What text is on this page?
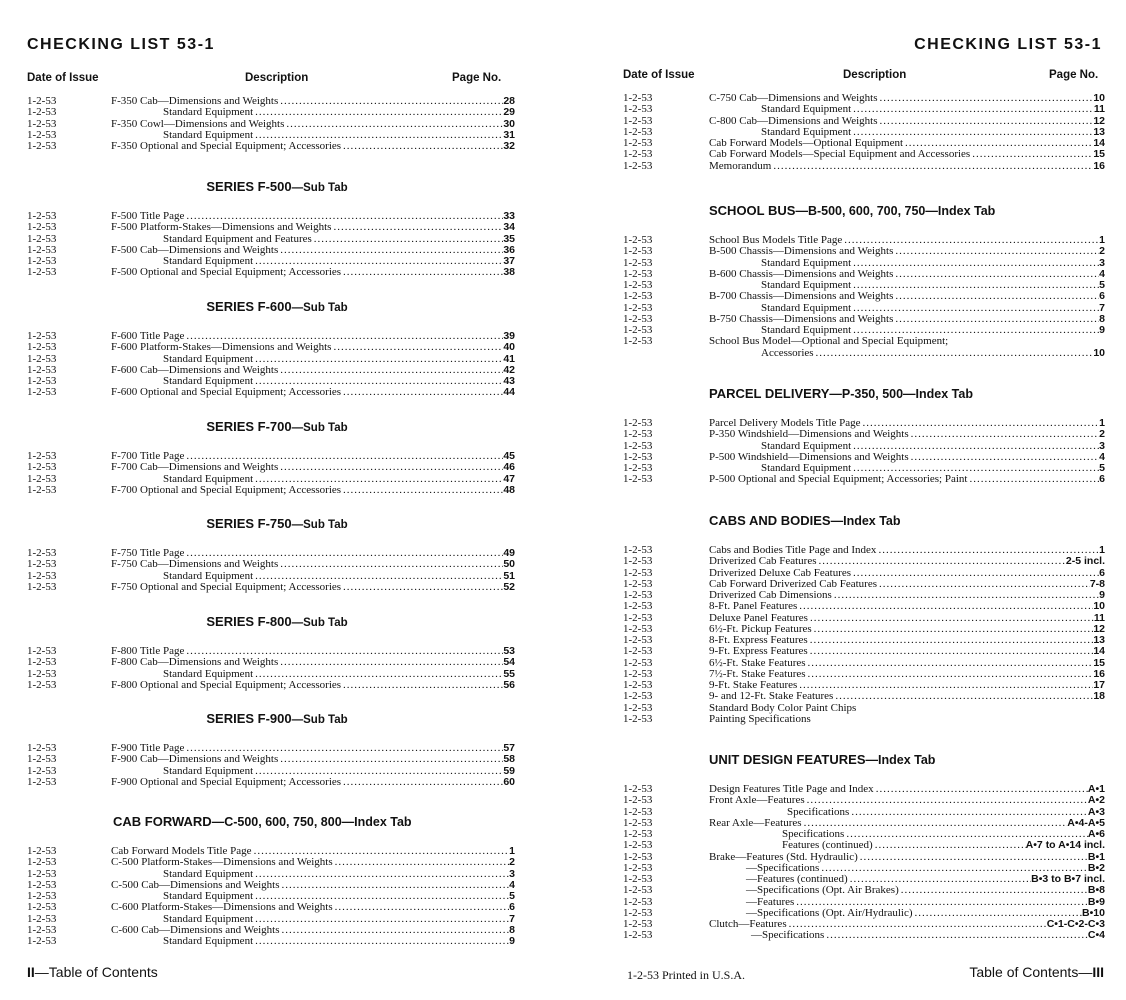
CHECKING LIST 53-1
Date of Issue	Description	Page No.
1-2-53	F-350 Cab—Dimensions and Weights .....	28
1-2-53	Standard Equipment .....	29
1-2-53	F-350 Cowl—Dimensions and Weights .....	30
1-2-53	Standard Equipment .....	31
1-2-53	F-350 Optional and Special Equipment; Accessories .....	32
SERIES F-500—Sub Tab
1-2-53	F-500 Title Page .....	33
1-2-53	F-500 Platform-Stakes—Dimensions and Weights .....	34
1-2-53	Standard Equipment and Features .....	35
1-2-53	F-500 Cab—Dimensions and Weights .....	36
1-2-53	Standard Equipment .....	37
1-2-53	F-500 Optional and Special Equipment; Accessories .....	38
SERIES F-600—Sub Tab
1-2-53	F-600 Title Page .....	39
1-2-53	F-600 Platform-Stakes—Dimensions and Weights .....	40
1-2-53	Standard Equipment .....	41
1-2-53	F-600 Cab—Dimensions and Weights .....	42
1-2-53	Standard Equipment .....	43
1-2-53	F-600 Optional and Special Equipment; Accessories .....	44
SERIES F-700—Sub Tab
1-2-53	F-700 Title Page .....	45
1-2-53	F-700 Cab—Dimensions and Weights .....	46
1-2-53	Standard Equipment .....	47
1-2-53	F-700 Optional and Special Equipment; Accessories .....	48
SERIES F-750—Sub Tab
1-2-53	F-750 Title Page .....	49
1-2-53	F-750 Cab—Dimensions and Weights .....	50
1-2-53	Standard Equipment .....	51
1-2-53	F-750 Optional and Special Equipment; Accessories .....	52
SERIES F-800—Sub Tab
1-2-53	F-800 Title Page .....	53
1-2-53	F-800 Cab—Dimensions and Weights .....	54
1-2-53	Standard Equipment .....	55
1-2-53	F-800 Optional and Special Equipment; Accessories .....	56
SERIES F-900—Sub Tab
1-2-53	F-900 Title Page .....	57
1-2-53	F-900 Cab—Dimensions and Weights .....	58
1-2-53	Standard Equipment .....	59
1-2-53	F-900 Optional and Special Equipment; Accessories .....	60
CAB FORWARD—C-500, 600, 750, 800—Index Tab
1-2-53	Cab Forward Models Title Page .....	1
1-2-53	C-500 Platform-Stakes—Dimensions and Weights .....	2
1-2-53	Standard Equipment .....	3
1-2-53	C-500 Cab—Dimensions and Weights .....	4
1-2-53	Standard Equipment .....	5
1-2-53	C-600 Platform-Stakes—Dimensions and Weights .....	6
1-2-53	Standard Equipment .....	7
1-2-53	C-600 Cab—Dimensions and Weights .....	8
1-2-53	Standard Equipment .....	9
II—Table of Contents
CHECKING LIST 53-1
Date of Issue	Description	Page No.
1-2-53	C-750 Cab—Dimensions and Weights .....	10
1-2-53	Standard Equipment .....	11
1-2-53	C-800 Cab—Dimensions and Weights .....	12
1-2-53	Standard Equipment .....	13
1-2-53	Cab Forward Models—Optional Equipment .....	14
1-2-53	Cab Forward Models—Special Equipment and Accessories .....	15
1-2-53	Memorandum .....	16
SCHOOL BUS—B-500, 600, 700, 750—Index Tab
1-2-53	School Bus Models Title Page .....	1
1-2-53	B-500 Chassis—Dimensions and Weights .....	2
1-2-53	Standard Equipment .....	3
1-2-53	B-600 Chassis—Dimensions and Weights .....	4
1-2-53	Standard Equipment .....	5
1-2-53	B-700 Chassis—Dimensions and Weights .....	6
1-2-53	Standard Equipment .....	7
1-2-53	B-750 Chassis—Dimensions and Weights .....	8
1-2-53	Standard Equipment .....	9
1-2-53	School Bus Model—Optional and Special Equipment;
Accessories .....	10
PARCEL DELIVERY—P-350, 500—Index Tab
1-2-53	Parcel Delivery Models Title Page .....	1
1-2-53	P-350 Windshield—Dimensions and Weights .....	2
1-2-53	Standard Equipment .....	3
1-2-53	P-500 Windshield—Dimensions and Weights .....	4
1-2-53	Standard Equipment .....	5
1-2-53	P-500 Optional and Special Equipment; Accessories; Paint .....	6
CABS AND BODIES—Index Tab
1-2-53	Cabs and Bodies Title Page and Index .....	1
1-2-53	Driverized Cab Features .....	2-5 incl.
1-2-53	Driverized Deluxe Cab Features .....	6
1-2-53	Cab Forward Driverized Cab Features .....	7-8
1-2-53	Driverized Cab Dimensions .....	9
1-2-53	8-Ft. Panel Features .....	10
1-2-53	Deluxe Panel Features .....	11
1-2-53	6½-Ft. Pickup Features .....	12
1-2-53	8-Ft. Express Features .....	13
1-2-53	9-Ft. Express Features .....	14
1-2-53	6½-Ft. Stake Features .....	15
1-2-53	7½-Ft. Stake Features .....	16
1-2-53	9-Ft. Stake Features .....	17
1-2-53	9- and 12-Ft. Stake Features .....	18
1-2-53	Standard Body Color Paint Chips
1-2-53	Painting Specifications
UNIT DESIGN FEATURES—Index Tab
1-2-53	Design Features Title Page and Index .....	A•1
1-2-53	Front Axle—Features .....	A•2
1-2-53	Specifications .....	A•3
1-2-53	Rear Axle—Features .....	A•4-A•5
1-2-53	Specifications .....	A•6
1-2-53	Features (continued) .....	A•7 to A•14 incl.
1-2-53	Brake—Features (Std. Hydraulic) .....	B•1
1-2-53	—Specifications .....	B•2
1-2-53	—Features (continued) .....	B•3 to B•7 incl.
1-2-53	—Specifications (Opt. Air Brakes) .....	B•8
1-2-53	—Features .....	B•9
1-2-53	—Specifications (Opt. Air/Hydraulic) .....	B•10
1-2-53	Clutch—Features .....	C•1-C•2-C•3
1-2-53	—Specifications .....	C•4
1-2-53 Printed in U.S.A.	Table of Contents—III
